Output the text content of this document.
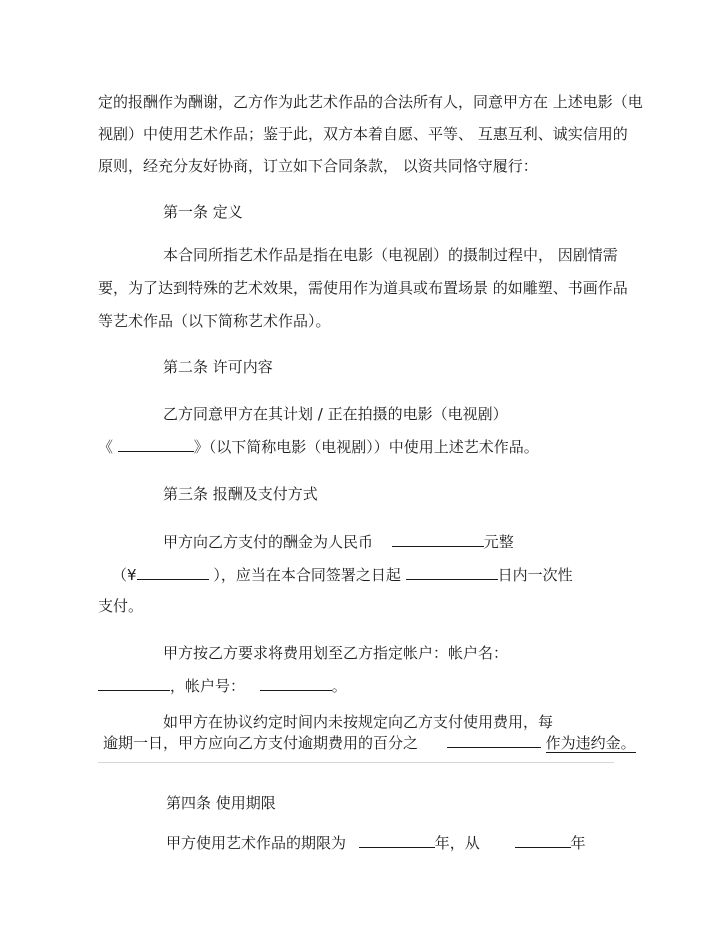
定的报酬作为酬谢，乙方作为此艺术作品的合法所有人，同意甲方在 上述电影（电

视剧）中使用艺术作品；鉴于此，双方本着自愿、平等、 互惠互利、诚实信用的

原则，经充分友好协商，订立如下合同条款， 以资共同恪守履行：

第一条 定义

本合同所指艺术作品是指在电影（电视剧）的摄制过程中， 因剧情需

要，为了达到特殊的艺术效果，需使用作为道具或布置场景 的如雕塑、书画作品

等艺术作品（以下简称艺术作品）。

第二条 许可内容

乙方同意甲方在其计划 / 正在拍摄的电影（电视剧）

《	》（以下简称电影（电视剧））中使用上述艺术作品。

第三条 报酬及支付方式

甲方向乙方支付的酬金为人民币	元整

（¥	），应当在本合同签署之日起	日内一次性

支付。

甲方按乙方要求将费用划至乙方指定帐户：帐户名：

，帐户号：	。

如甲方在协议约定时间内未按规定向乙方支付使用费用，每

逾期一日，甲方应向乙方支付逾期费用的百分之	作为违约金。

第四条 使用期限

甲方使用艺术作品的期限为	年，从	年
